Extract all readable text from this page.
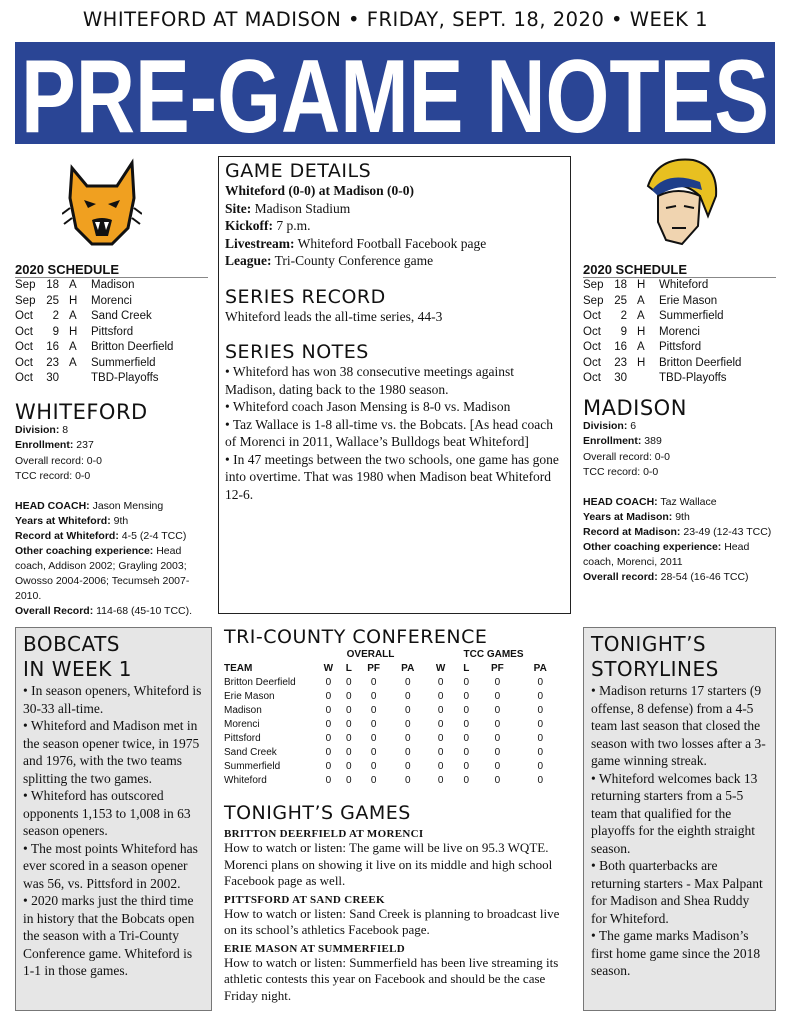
WHITEFORD AT MADISON • FRIDAY, SEPT. 18, 2020 • WEEK 1
PRE-GAME NOTES
2020 SCHEDULE
Sep	18	A	Madison
Sep	25	H	Morenci
Oct	2	A	Sand Creek
Oct	9	H	Pittsford
Oct	16	A	Britton Deerfield
Oct	23	A	Summerfield
Oct	30		TBD-Playoffs
WHITEFORD
Division: 8
Enrollment: 237
Overall record: 0-0
TCC record: 0-0
HEAD COACH: Jason Mensing
Years at Whiteford: 9th
Record at Whiteford: 4-5 (2-4 TCC)
Other coaching experience: Head coach, Addison 2002; Grayling 2003; Owosso 2004-2006; Tecumseh 2007-2010.
Overall Record: 114-68 (45-10 TCC).
2020 SCHEDULE
Sep	18	H	Whiteford
Sep	25	A	Erie Mason
Oct	2	A	Summerfield
Oct	9	H	Morenci
Oct	16	A	Pittsford
Oct	23	H	Britton Deerfield
Oct	30		TBD-Playoffs
MADISON
Division: 6
Enrollment: 389
Overall record: 0-0
TCC record: 0-0
HEAD COACH: Taz Wallace
Years at Madison: 9th
Record at Madison: 23-49 (12-43 TCC)
Other coaching experience: Head coach, Morenci, 2011
Overall record: 28-54 (16-46 TCC)
GAME DETAILS
Whiteford (0-0) at Madison (0-0)
Site: Madison Stadium
Kickoff: 7 p.m.
Livestream: Whiteford Football Facebook page
League: Tri-County Conference game
SERIES RECORD
Whiteford leads the all-time series, 44-3
SERIES NOTES

• Whiteford has won 38 consecutive meetings against Madison, dating back to the 1980 season.

• Whiteford coach Jason Mensing is 8-0 vs. Madison

• Taz Wallace is 1-8 all-time vs. the Bobcats. [As head coach of Morenci in 2011, Wallace’s Bulldogs beat Whiteford]

• In 47 meetings between the two schools, one game has gone into overtime. That was 1980 when Madison beat Whiteford 12-6.

BOBCATS
IN WEEK 1

• In season openers, Whiteford is 30-33 all-time.

• Whiteford and Madison met in the season opener twice, in 1975 and 1976, with the two teams splitting the two games.

• Whiteford has outscored opponents 1,153 to 1,008 in 63 season openers.

• The most points Whiteford has ever scored in a season opener was 56, vs. Pittsford in 2002.

• 2020 marks just the third time in history that the Bobcats open the season with a Tri-County Conference game. Whiteford is 1-1 in those games.

TRI-COUNTY CONFERENCE
	OVERALL				TCC GAMES			
TEAM	W	L	PF	PA	W	L	PF	PA
Britton Deerfield	0	0	0	0	0	0	0	0
Erie Mason	0	0	0	0	0	0	0	0
Madison	0	0	0	0	0	0	0	0
Morenci	0	0	0	0	0	0	0	0
Pittsford	0	0	0	0	0	0	0	0
Sand Creek	0	0	0	0	0	0	0	0
Summerfield	0	0	0	0	0	0	0	0
Whiteford	0	0	0	0	0	0	0	0
TONIGHT’S GAMES
BRITTON DEERFIELD AT MORENCI
How to watch or listen: The game will be live on 95.3 WQTE. Morenci plans on showing it live on its middle and high school Facebook page as well.
PITTSFORD AT SAND CREEK
How to watch or listen: Sand Creek is planning to broadcast live on its school’s athletics Facebook page.
ERIE MASON AT SUMMERFIELD
How to watch or listen: Summerfield has been live streaming its athletic contests this year on Facebook and should be the case Friday night.
TONIGHT’S
STORYLINES

• Madison returns 17 starters (9 offense, 8 defense) from a 4-5 team last season that closed the season with two losses after a 3-game winning streak.

• Whiteford welcomes back 13 returning starters from a 5-5 team that qualified for the playoffs for the eighth straight season.

• Both quarterbacks are returning starters - Max Palpant for Madison and Shea Ruddy for Whiteford.

• The game marks Madison’s first home game since the 2018 season.
